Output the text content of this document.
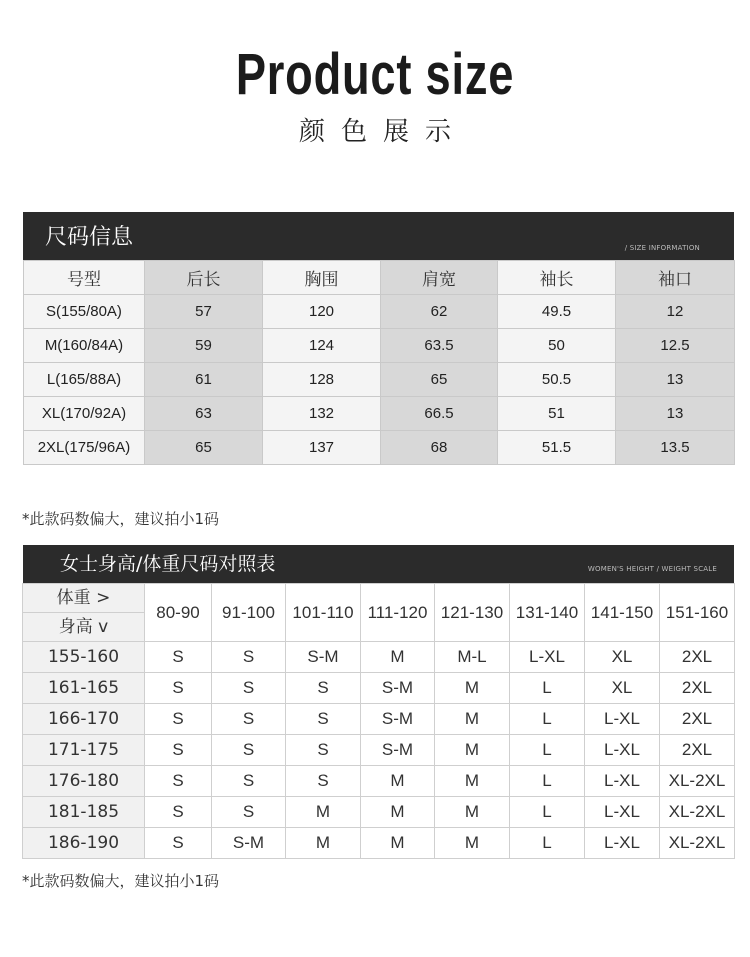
Product size
颜色展示
尺码信息	/ SIZE INFORMATION
号型	后长	胸围	肩宽	袖长	袖口
S(155/80A)	57	120	62	49.5	12
M(160/84A)	59	124	63.5	50	12.5
L(165/88A)	61	128	65	50.5	13
XL(170/92A)	63	132	66.5	51	13
2XL(175/96A)	65	137	68	51.5	13.5
*此款码数偏大，建议拍小1码
女士身高/体重尺码对照表	WOMEN'S HEIGHT / WEIGHT SCALE
体重 >
身高 v	80-90	91-100	101-110	111-120	121-130	131-140	141-150	151-160
155-160	S	S	S-M	M	M-L	L-XL	XL	2XL
161-165	S	S	S	S-M	M	L	XL	2XL
166-170	S	S	S	S-M	M	L	L-XL	2XL
171-175	S	S	S	S-M	M	L	L-XL	2XL
176-180	S	S	S	M	M	L	L-XL	XL-2XL
181-185	S	S	M	M	M	L	L-XL	XL-2XL
186-190	S	S-M	M	M	M	L	L-XL	XL-2XL
*此款码数偏大，建议拍小1码
